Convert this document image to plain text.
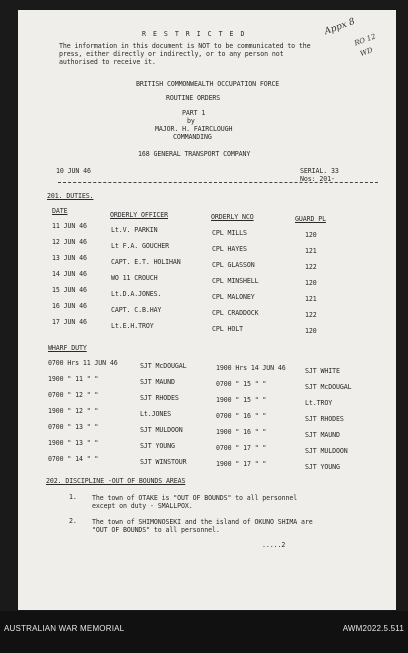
R E S T R I C T E D
The information in this document is NOT to be communicated to the
press, either directly or indirectly, or to any person not
authorised to receive it.
Appx 8
RO 12
WD
BRITISH COMMONWEALTH OCCUPATION FORCE
ROUTINE ORDERS
PART 1
by
MAJOR. H. FAIRCLOUGH
COMMANDING
168 GENERAL TRANSPORT COMPANY
10 JUN 46	SERIAL. 33
Nos: 201-
201. DUTIES.
DATE	ORDERLY OFFICER	ORDERLY NCO	GUARD PL
11 JUN 46	Lt.V. PARKIN	CPL MILLS	120
12 JUN 46	Lt F.A. GOUCHER	CPL HAYES	121
13 JUN 46	CAPT. E.T. HOLIHAN	CPL GLASSON	122
14 JUN 46	WO 11 CROUCH	CPL MINSHELL	120
15 JUN 46	Lt.D.A.JONES.	CPL MALONEY	121
16 JUN 46	CAPT. C.B.HAY	CPL CRADDOCK	122
17 JUN 46	Lt.E.H.TROY	CPL HOLT	120
WHARF DUTY
0700 Hrs 11 JUN 46	SJT McDOUGAL
1900 " 11 " "	SJT MAUND
0700 " 12 " "	SJT RHODES
1900 " 12 " "	Lt.JONES
0700 " 13 " "	SJT MULDOON
1900 " 13 " "	SJT YOUNG
0700 " 14 " "	SJT WINSTOUR
1900 Hrs 14 JUN 46	SJT WHITE
0700 " 15 " "	SJT McDOUGAL
1900 " 15 " "	Lt.TROY
0700 " 16 " "	SJT RHODES
1900 " 16 " "	SJT MAUND
0700 " 17 " "	SJT MULDOON
1900 " 17 " "	SJT YOUNG
202. DISCIPLINE -OUT OF BOUNDS AREAS
1. The town of OTAKE is "OUT OF BOUNDS" to all personnel
except on duty - SMALLPOX.
2. The town of SHIMONOSEKI and the island of OKUNO SHIMA are
"OUT OF BOUNDS" to all personnel.
.....2
AUSTRALIAN WAR MEMORIAL	AWM2022.5.511
